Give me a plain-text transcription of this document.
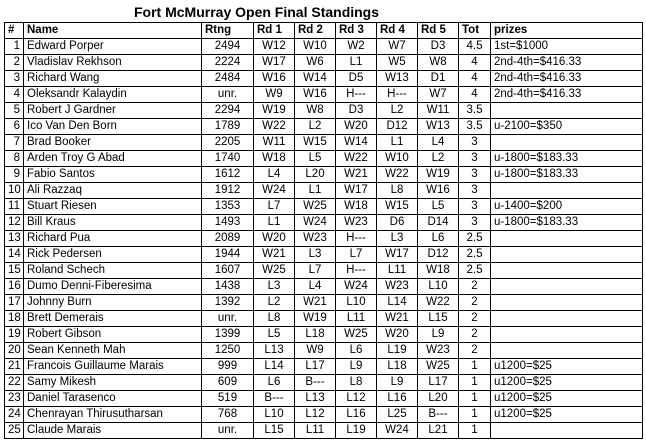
Fort McMurray Open Final Standings
#	Name	Rtng	Rd 1	Rd 2	Rd 3	Rd 4	Rd 5	Tot	prizes
1	Edward Porper	2494	W12	W10	W2	W7	D3	4.5	1st=$1000
2	Vladislav Rekhson	2224	W17	W6	L1	W5	W8	4	2nd-4th=$416.33
3	Richard Wang	2484	W16	W14	D5	W13	D1	4	2nd-4th=$416.33
4	Oleksandr Kalaydin	unr.	W9	W16	H---	H---	W7	4	2nd-4th=$416.33
5	Robert J Gardner	2294	W19	W8	D3	L2	W11	3.5	
6	Ico Van Den Born	1789	W22	L2	W20	D12	W13	3.5	u-2100=$350
7	Brad Booker	2205	W11	W15	W14	L1	L4	3	
8	Arden Troy G Abad	1740	W18	L5	W22	W10	L2	3	u-1800=$183.33
9	Fabio Santos	1612	L4	L20	W21	W22	W19	3	u-1800=$183.33
10	Ali Razzaq	1912	W24	L1	W17	L8	W16	3	
11	Stuart Riesen	1353	L7	W25	W18	W15	L5	3	u-1400=$200
12	Bill Kraus	1493	L1	W24	W23	D6	D14	3	u-1800=$183.33
13	Richard Pua	2089	W20	W23	H---	L3	L6	2.5	
14	Rick Pedersen	1944	W21	L3	L7	W17	D12	2.5	
15	Roland Schech	1607	W25	L7	H---	L11	W18	2.5	
16	Dumo Denni-Fiberesima	1438	L3	L4	W24	W23	L10	2	
17	Johnny Burn	1392	L2	W21	L10	L14	W22	2	
18	Brett Demerais	unr.	L8	W19	L11	W21	L15	2	
19	Robert Gibson	1399	L5	L18	W25	W20	L9	2	
20	Sean Kenneth Mah	1250	L13	W9	L6	L19	W23	2	
21	Francois Guillaume Marais	999	L14	L17	L9	L18	W25	1	u1200=$25
22	Samy Mikesh	609	L6	B---	L8	L9	L17	1	u1200=$25
23	Daniel Tarasenco	519	B---	L13	L12	L16	L20	1	u1200=$25
24	Chenrayan Thirusutharsan	768	L10	L12	L16	L25	B---	1	u1200=$25
25	Claude Marais	unr.	L15	L11	L19	W24	L21	1	
